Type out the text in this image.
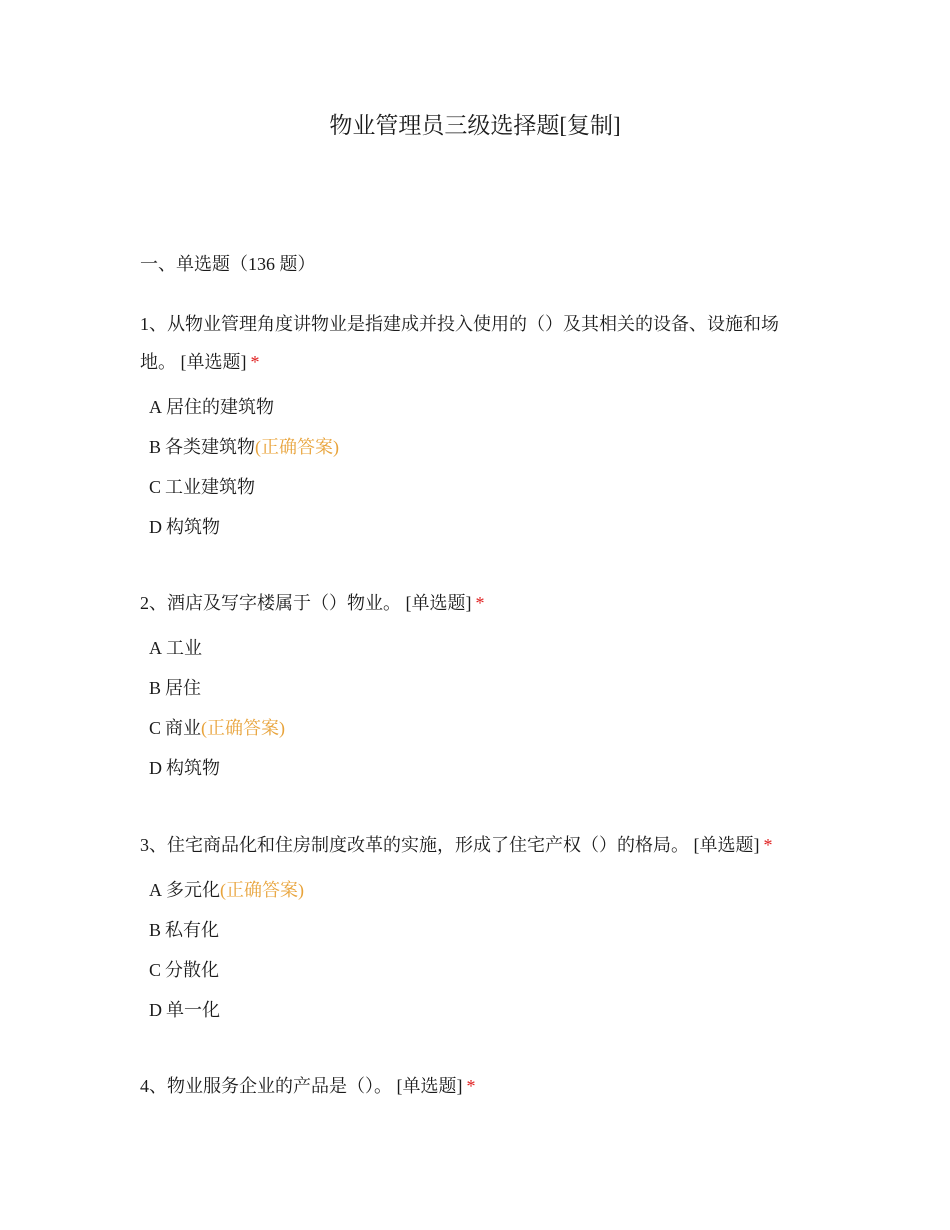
物业管理员三级选择题[复制]
一、单选题（136 题）

1、从物业管理角度讲物业是指建成并投入使用的（）及其相关的设备、设施和场地。 [单选题] *

A 居住的建筑物
B 各类建筑物(正确答案)
C 工业建筑物
D 构筑物

2、酒店及写字楼属于（）物业。 [单选题] *

A 工业
B 居住
C 商业(正确答案)
D 构筑物

3、住宅商品化和住房制度改革的实施，形成了住宅产权（）的格局。 [单选题] *

A 多元化(正确答案)
B 私有化
C 分散化
D 单一化

4、物业服务企业的产品是（）。 [单选题] *
